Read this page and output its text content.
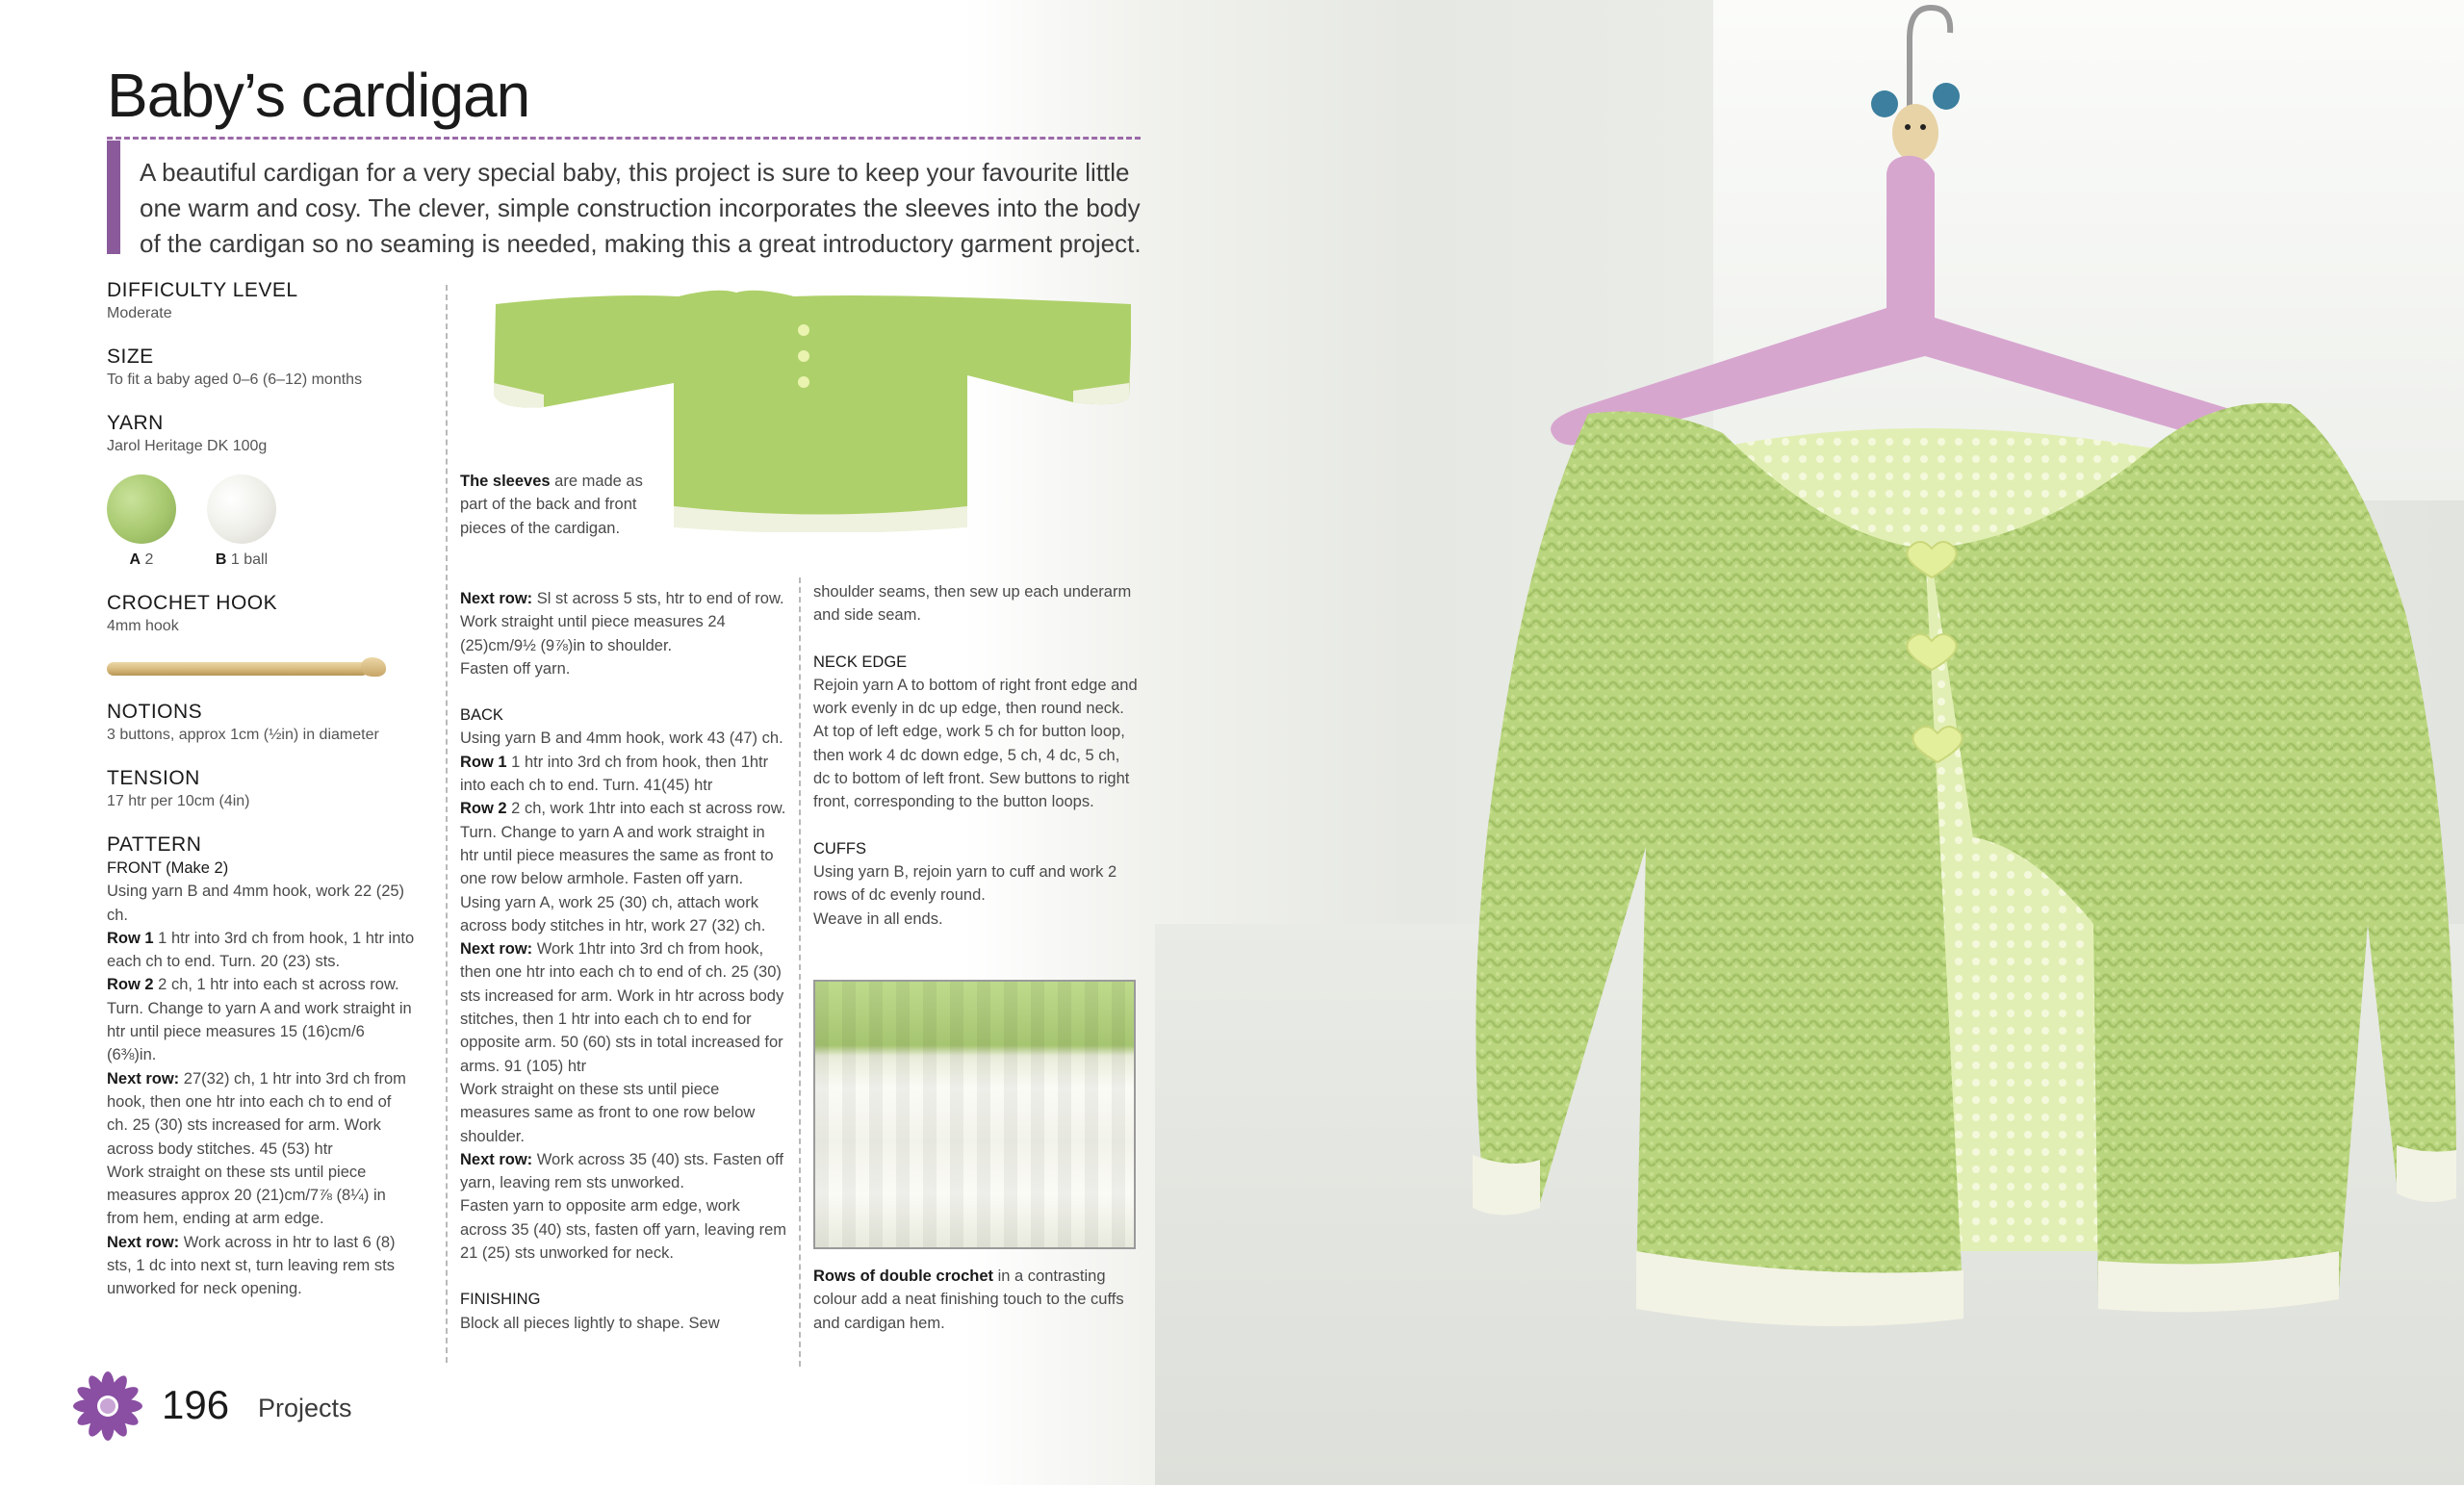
Baby’s cardigan

A beautiful cardigan for a very special baby, this project is sure to keep your favourite little one warm and cosy. The clever, simple construction incorporates the sleeves into the body of the cardigan so no seaming is needed, making this a great introductory garment project.

DIFFICULTY LEVEL
Moderate
SIZE
To fit a baby aged 0–6 (6–12) months
YARN
Jarol Heritage DK 100g
A 2	B 1 ball
CROCHET HOOK
4mm hook
NOTIONS
3 buttons, approx 1cm (½in) in diameter
TENSION
17 htr per 10cm (4in)
PATTERN
FRONT (Make 2)
Using yarn B and 4mm hook, work 22 (25) ch.
Row 1 1 htr into 3rd ch from hook, 1 htr into each ch to end. Turn. 20 (23) sts.
Row 2 2 ch, 1 htr into each st across row. Turn. Change to yarn A and work straight in htr until piece measures 15 (16)cm/6 (6⅜)in.
Next row: 27(32) ch, 1 htr into 3rd ch from hook, then one htr into each ch to end of ch. 25 (30) sts increased for arm. Work across body stitches. 45 (53) htr
Work straight on these sts until piece measures approx 20 (21)cm/7⅞ (8¼) in from hem, ending at arm edge.
Next row: Work across in htr to last 6 (8) sts, 1 dc into next st, turn leaving rem sts unworked for neck opening.
The sleeves are made as part of the back and front pieces of the cardigan.
Next row: Sl st across 5 sts, htr to end of row. Work straight until piece measures 24 (25)cm/9½ (9⅞)in to shoulder.
Fasten off yarn.
BACK
Using yarn B and 4mm hook, work 43 (47) ch.
Row 1 1 htr into 3rd ch from hook, then 1htr into each ch to end. Turn. 41(45) htr
Row 2 2 ch, work 1htr into each st across row. Turn. Change to yarn A and work straight in htr until piece measures the same as front to one row below armhole. Fasten off yarn.
Using yarn A, work 25 (30) ch, attach work across body stitches in htr, work 27 (32) ch.
Next row: Work 1htr into 3rd ch from hook, then one htr into each ch to end of ch. 25 (30) sts increased for arm. Work in htr across body stitches, then 1 htr into each ch to end for opposite arm. 50 (60) sts in total increased for arms. 91 (105) htr
Work straight on these sts until piece measures same as front to one row below shoulder.
Next row: Work across 35 (40) sts. Fasten off yarn, leaving rem sts unworked.
Fasten yarn to opposite arm edge, work across 35 (40) sts, fasten off yarn, leaving rem 21 (25) sts unworked for neck.
FINISHING
Block all pieces lightly to shape. Sew
shoulder seams, then sew up each underarm and side seam.
NECK EDGE
Rejoin yarn A to bottom of right front edge and work evenly in dc up edge, then round neck. At top of left edge, work 5 ch for button loop, then work 4 dc down edge, 5 ch, 4 dc, 5 ch, dc to bottom of left front. Sew buttons to right front, corresponding to the button loops.
CUFFS
Using yarn B, rejoin yarn to cuff and work 2 rows of dc evenly round.
Weave in all ends.
Rows of double crochet in a contrasting colour add a neat finishing touch to the cuffs and cardigan hem.
196 Projects
